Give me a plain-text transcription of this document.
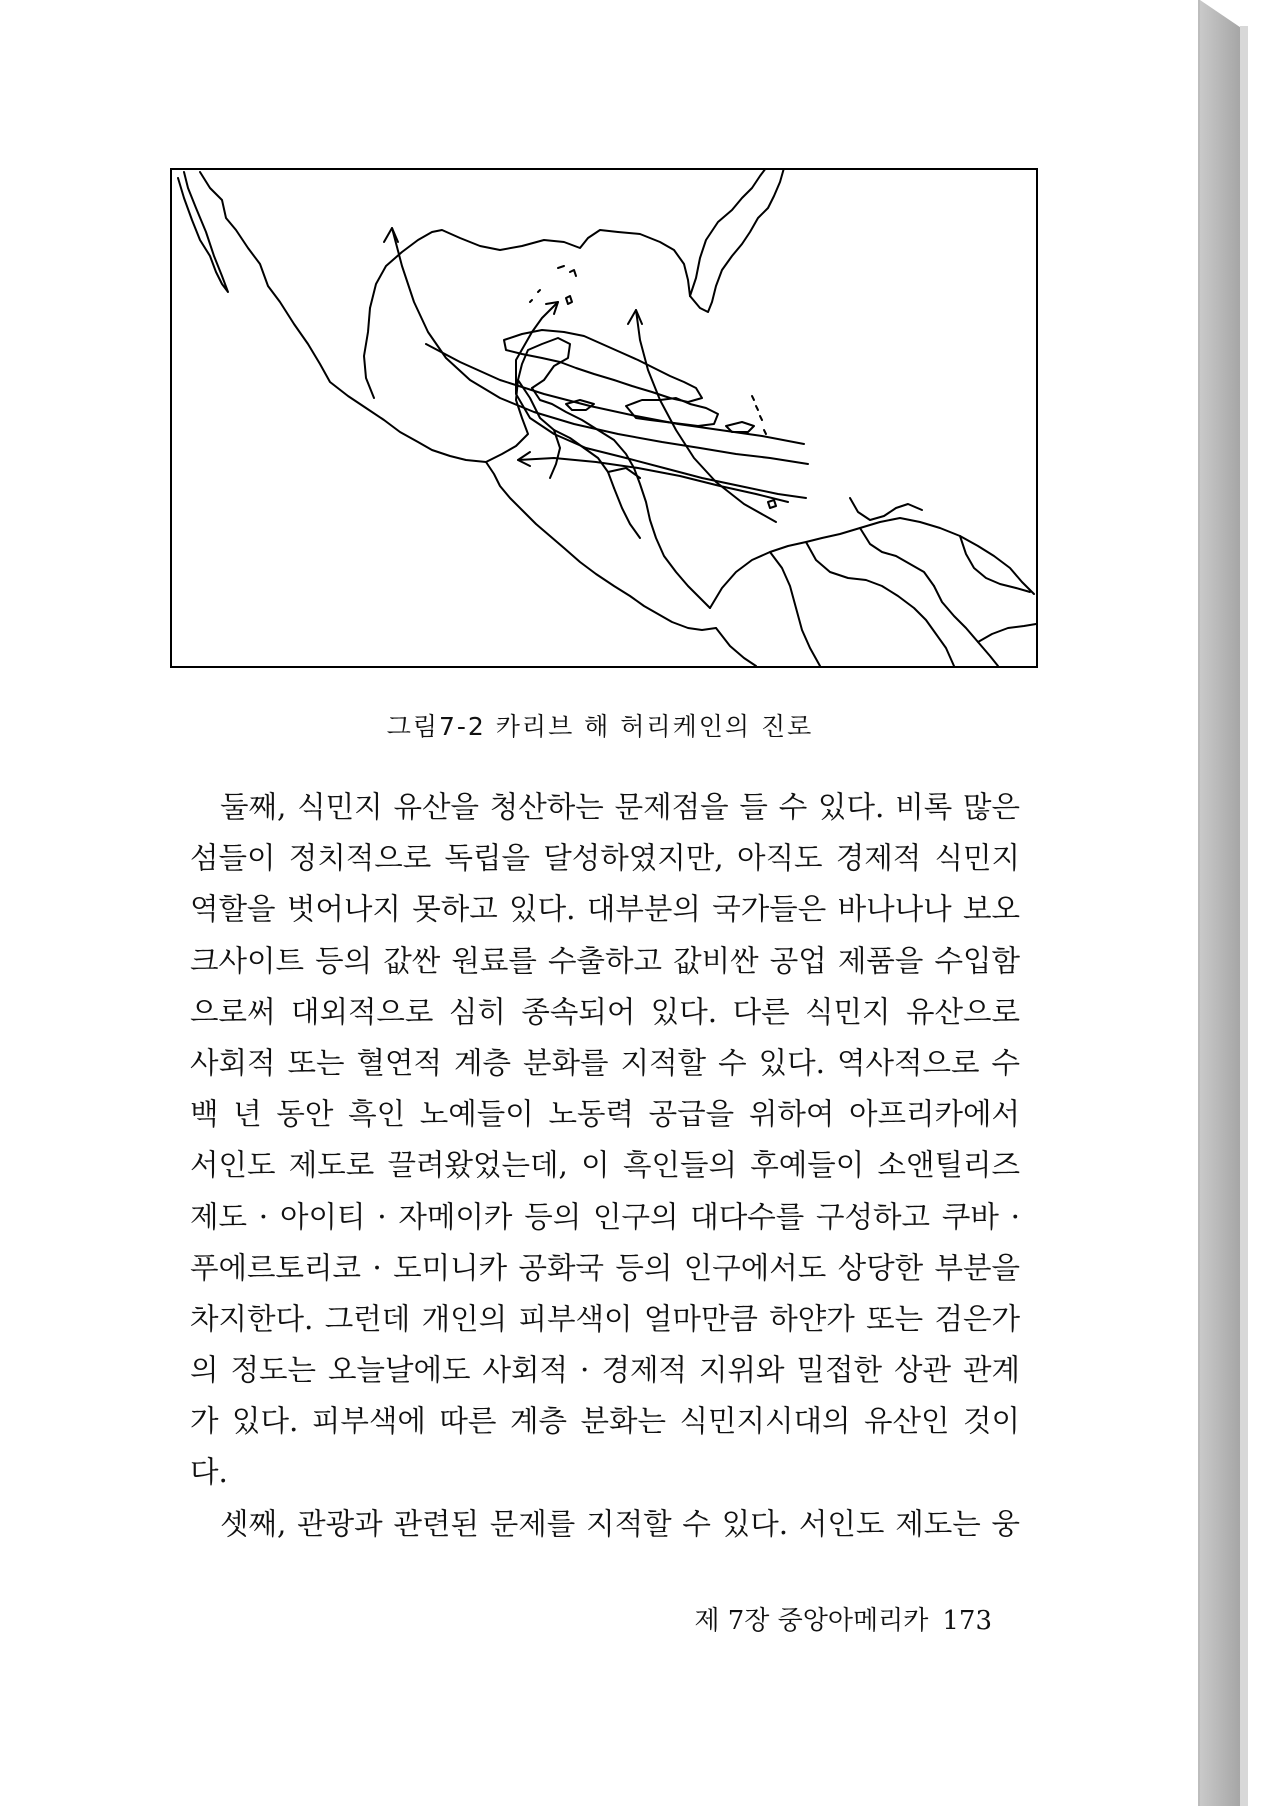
그림7-2 카리브 해 허리케인의 진로
둘째, 식민지 유산을 청산하는 문제점을 들 수 있다. 비록 많은
섬들이 정치적으로 독립을 달성하였지만, 아직도 경제적 식민지
역할을 벗어나지 못하고 있다. 대부분의 국가들은 바나나나 보오
크사이트 등의 값싼 원료를 수출하고 값비싼 공업 제품을 수입함
으로써 대외적으로 심히 종속되어 있다. 다른 식민지 유산으로
사회적 또는 혈연적 계층 분화를 지적할 수 있다. 역사적으로 수
백 년 동안 흑인 노예들이 노동력 공급을 위하여 아프리카에서
서인도 제도로 끌려왔었는데, 이 흑인들의 후예들이 소앤틸리즈
제도 · 아이티 · 자메이카 등의 인구의 대다수를 구성하고 쿠바 ·
푸에르토리코 · 도미니카 공화국 등의 인구에서도 상당한 부분을
차지한다. 그런데 개인의 피부색이 얼마만큼 하얀가 또는 검은가
의 정도는 오늘날에도 사회적 · 경제적 지위와 밀접한 상관 관계
가 있다. 피부색에 따른 계층 분화는 식민지시대의 유산인 것이
다.
셋째, 관광과 관련된 문제를 지적할 수 있다. 서인도 제도는 웅
제 7장 중앙아메리카 173
